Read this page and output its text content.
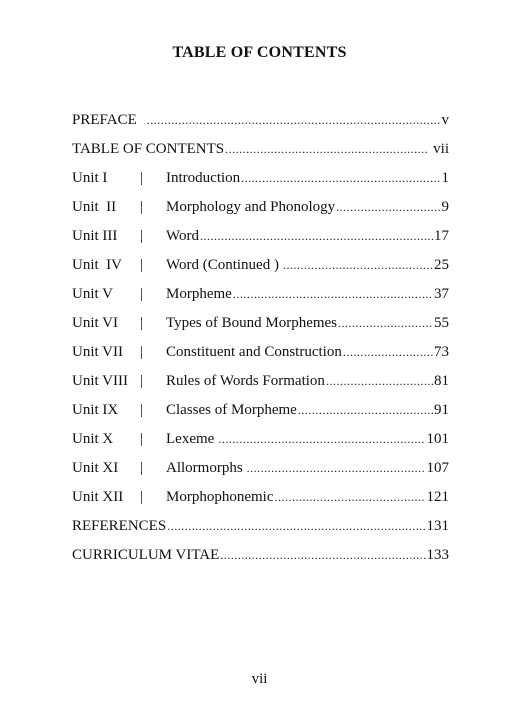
TABLE OF CONTENTS
PREFACE .....	v
TABLE OF CONTENTS .....	vii
Unit I	|	Introduction .....	1
Unit  II	|	Morphology and Phonology .....	9
Unit III	|	Word .....	17
Unit  IV	|	Word (Continued ) .....	25
Unit V	|	Morpheme .....	37
Unit VI	|	Types of Bound Morphemes .....	55
Unit VII	|	Constituent and Construction .....	73
Unit VIII |	Rules of Words Formation .....	81
Unit IX	|	Classes of Morpheme .....	91
Unit X	|	Lexeme .....	101
Unit XI	|	Allormorphs .....	107
Unit XII	|	Morphophonemic .....	121
REFERENCES .....	131
CURRICULUM VITAE .....	133
vii
